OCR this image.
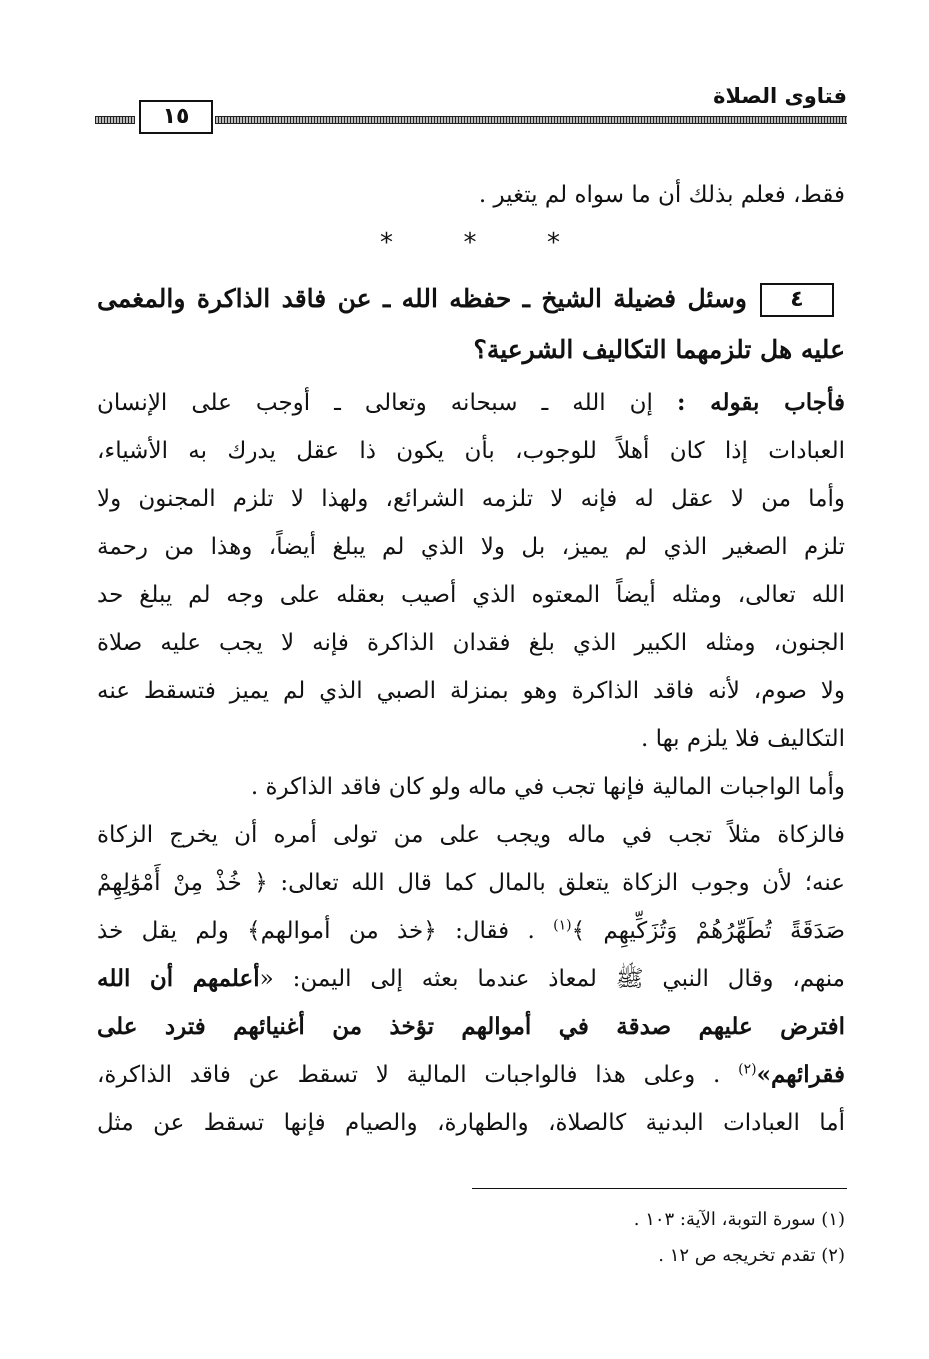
فتاوى الصلاة
١٥
فقط، فعلم بذلك أن ما سواه لم يتغير .
*	*	*
٤
وسئل فضيلة الشيخ ـ حفظه الله ـ عن فاقد الذاكرة والمغمى
عليه هل تلزمهما التكاليف الشرعية؟
فأجاب بقوله : إن الله ـ سبحانه وتعالى ـ أوجب على الإنسان
العبادات إذا كان أهلاً للوجوب، بأن يكون ذا عقل يدرك به الأشياء،
وأما من لا عقل له فإنه لا تلزمه الشرائع، ولهذا لا تلزم المجنون ولا
تلزم الصغير الذي لم يميز، بل ولا الذي لم يبلغ أيضاً، وهذا من رحمة
الله تعالى، ومثله أيضاً المعتوه الذي أصيب بعقله على وجه لم يبلغ حد
الجنون، ومثله الكبير الذي بلغ فقدان الذاكرة فإنه لا يجب عليه صلاة
ولا صوم، لأنه فاقد الذاكرة وهو بمنزلة الصبي الذي لم يميز فتسقط عنه
التكاليف فلا يلزم بها .
وأما الواجبات المالية فإنها تجب في ماله ولو كان فاقد الذاكرة .
فالزكاة مثلاً تجب في ماله ويجب على من تولى أمره أن يخرج الزكاة
عنه؛ لأن وجوب الزكاة يتعلق بالمال كما قال الله تعالى: ﴿ خُذْ مِنْ أَمْوَٰلِهِمْ
صَدَقَةً تُطَهِّرُهُمْ وَتُزَكِّيهِم ﴾$^{(١)}$ . فقال: ﴿خذ من أموالهم﴾ ولم يقل خذ
منهم، وقال النبي ﷺ لمعاذ عندما بعثه إلى اليمن: «أعلمهم أن الله
افترض عليهم صدقة في أموالهم تؤخذ من أغنيائهم فترد على
فقرائهم»$^{(٢)}$ . وعلى هذا فالواجبات المالية لا تسقط عن فاقد الذاكرة،
أما العبادات البدنية كالصلاة، والطهارة، والصيام فإنها تسقط عن مثل
(١) سورة التوبة، الآية: ١٠٣ .
(٢) تقدم تخريجه ص ١٢ .
